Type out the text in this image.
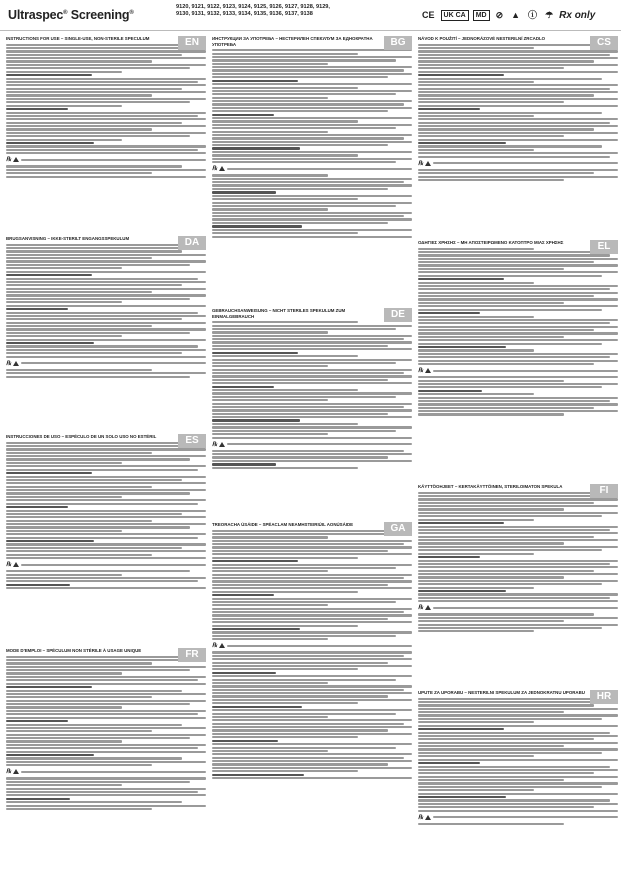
Ultraspec® Screening®
9120, 9121, 9122, 9123, 9124, 9125, 9126, 9127, 9128, 9129,
9130, 9131, 9132, 9133, 9134, 9135, 9136, 9137, 9138	CE	UK CA	MD	⊘ ▲ ⓘ ☂ Rx only
EN
INSTRUCTIONS FOR USE – SINGLE-USE, NON-STERILE SPECULUM
℞
DA
BRUGSANVISNING – IKKE-STERILT ENGANGSSPEKULUM
℞
ES
INSTRUCCIONES DE USO – ESPÉCULO DE UN SOLO USO NO ESTÉRIL
℞
FR
MODE D'EMPLOI – SPÉCULUM NON STÉRILE À USAGE UNIQUE
℞
BG
ИНСТРУКЦИИ ЗА УПОТРЕБА – НЕСТЕРИЛЕН СПЕКУЛУМ ЗА ЕДНОКРАТНА УПОТРЕБА
℞
DE
GEBRAUCHSANWEISUNG – NICHT STERILES SPEKULUM ZUM EINMALGEBRAUCH
℞
GA
TREORACHA ÚSÁIDE – SPÉACLAM NEAMHSTEIRIÚIL AONÚSÁIDE
℞
CS
NÁVOD K POUŽITÍ – JEDNORÁZOVÉ NESTERILNÍ ZRCADLO
℞
EL
ΟΔΗΓΙΕΣ ΧΡΗΣΗΣ – ΜΗ ΑΠΟΣΤΕΙΡΩΜΕΝΟ ΚΑΤΟΠΤΡΟ ΜΙΑΣ ΧΡΗΣΗΣ
℞
FI
KÄYTTÖOHJEET – KERTAKÄYTTÖINEN, STERILOIMATON SPEKULA
℞
HR
UPUTE ZA UPORABU – NESTERILNI SPEKULUM ZA JEDNOKRATNU UPORABU
℞
